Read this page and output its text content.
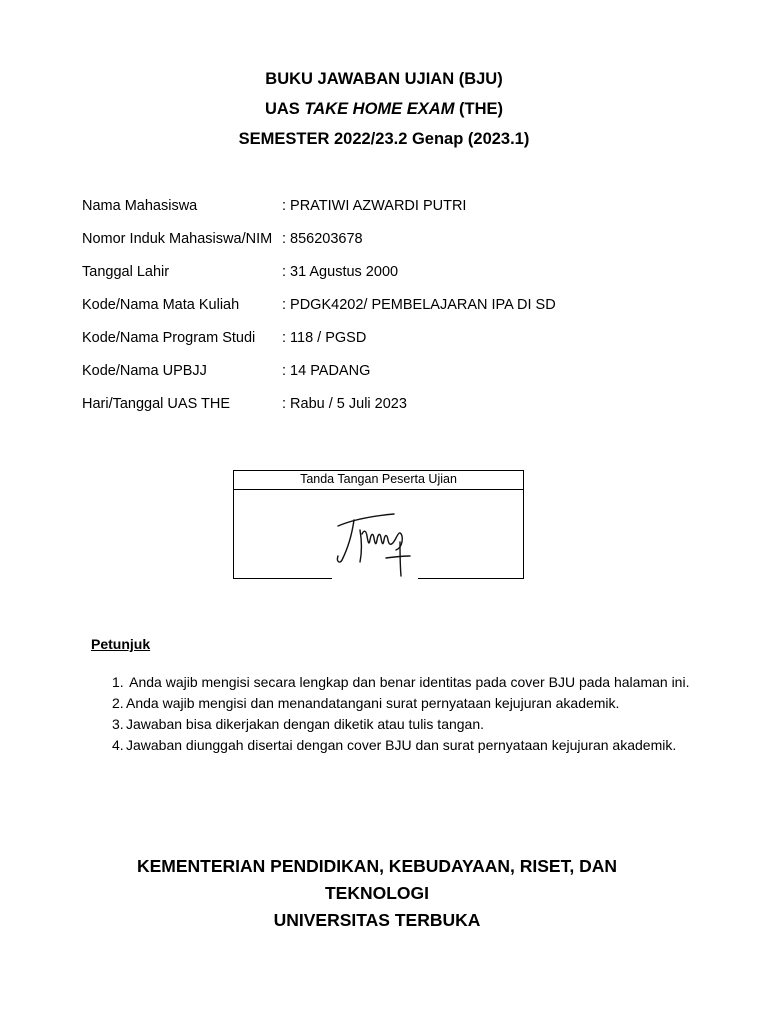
BUKU JAWABAN UJIAN (BJU)
UAS TAKE HOME EXAM (THE)
SEMESTER 2022/23.2 Genap (2023.1)
Nama Mahasiswa	: PRATIWI AZWARDI PUTRI
Nomor Induk Mahasiswa/NIM : 856203678
Tanggal Lahir	: 31 Agustus 2000
Kode/Nama Mata Kuliah	: PDGK4202/ PEMBELAJARAN IPA DI SD
Kode/Nama Program Studi	: 118 / PGSD
Kode/Nama UPBJJ	: 14 PADANG
Hari/Tanggal UAS THE	: Rabu / 5 Juli 2023
Tanda Tangan Peserta Ujian
Petunjuk
1. Anda wajib mengisi secara lengkap dan benar identitas pada cover BJU pada halaman ini.
2. Anda wajib mengisi dan menandatangani surat pernyataan kejujuran akademik.
3. Jawaban bisa dikerjakan dengan diketik atau tulis tangan.
4. Jawaban diunggah disertai dengan cover BJU dan surat pernyataan kejujuran akademik.
KEMENTERIAN PENDIDIKAN, KEBUDAYAAN, RISET, DAN
TEKNOLOGI
UNIVERSITAS TERBUKA
